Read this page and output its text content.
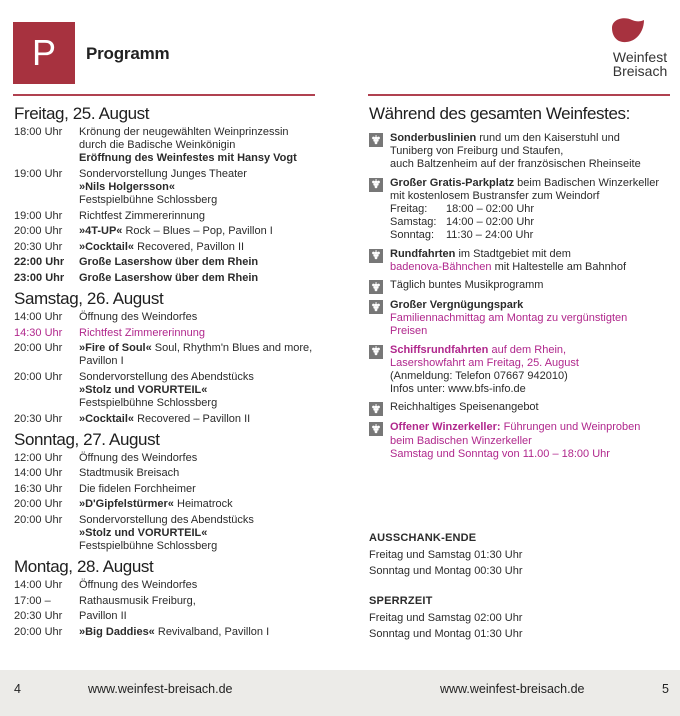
P	Programm	Weinfest
Breisach
Freitag, 25. August
18:00 Uhr	Krönung der neugewählten Weinprinzessin
durch die Badische Weinkönigin
Eröffnung des Weinfestes mit Hansy Vogt
19:00 Uhr	Sondervorstellung Junges Theater
»Nils Holgersson«
Festspielbühne Schlossberg
19:00 Uhr	Richtfest Zimmererinnung
20:00 Uhr	»4T-UP« Rock – Blues – Pop, Pavillon I
20:30 Uhr	»Cocktail« Recovered, Pavillon II
22:00 Uhr	Große Lasershow über dem Rhein
23:00 Uhr	Große Lasershow über dem Rhein
Samstag, 26. August
14:00 Uhr	Öffnung des Weindorfes
14:30 Uhr	Richtfest Zimmererinnung
20:00 Uhr	»Fire of Soul« Soul, Rhythm'n Blues and more,
Pavillon I
20:00 Uhr	Sondervorstellung des Abendstücks
»Stolz und VORURTEIL«
Festspielbühne Schlossberg
20:30 Uhr	»Cocktail« Recovered – Pavillon II
Sonntag, 27. August
12:00 Uhr	Öffnung des Weindorfes
14:00 Uhr	Stadtmusik Breisach
16:30 Uhr	Die fidelen Forchheimer
20:00 Uhr	»D'Gipfelstürmer« Heimatrock
20:00 Uhr	Sondervorstellung des Abendstücks
»Stolz und VORURTEIL«
Festspielbühne Schlossberg
Montag, 28. August
14:00 Uhr	Öffnung des Weindorfes
17:00 –	Rathausmusik Freiburg,
20:30 Uhr	Pavillon II
20:00 Uhr	»Big Daddies« Revivalband, Pavillon I
Während des gesamten Weinfestes:
Sonderbuslinien rund um den Kaiserstuhl und
Tuniberg von Freiburg und Staufen,
auch Baltzenheim auf der französischen Rheinseite
Großer Gratis-Parkplatz beim Badischen Winzerkeller
mit kostenlosem Bustransfer zum Weindorf
Freitag:	18:00 – 02:00 Uhr
Samstag: 14:00 – 02:00 Uhr
Sonntag:	11:30 – 24:00 Uhr
Rundfahrten im Stadtgebiet mit dem
badenova-Bähnchen mit Haltestelle am Bahnhof
Täglich buntes Musikprogramm
Großer Vergnügungspark
Familiennachmittag am Montag zu vergünstigten
Preisen
Schiffsrundfahrten auf dem Rhein,
Lasershowfahrt am Freitag, 25. August
(Anmeldung: Telefon 07667 942010)
Infos unter: www.bfs-info.de
Reichhaltiges Speisenangebot
Offener Winzerkeller: Führungen und Weinproben
beim Badischen Winzerkeller
Samstag und Sonntag von 11.00 – 18:00 Uhr
AUSSCHANK-ENDE
Freitag und Samstag 01:30 Uhr
Sonntag und Montag 00:30 Uhr
SPERRZEIT
Freitag und Samstag 02:00 Uhr
Sonntag und Montag 01:30 Uhr
4	www.weinfest-breisach.de	www.weinfest-breisach.de	5
